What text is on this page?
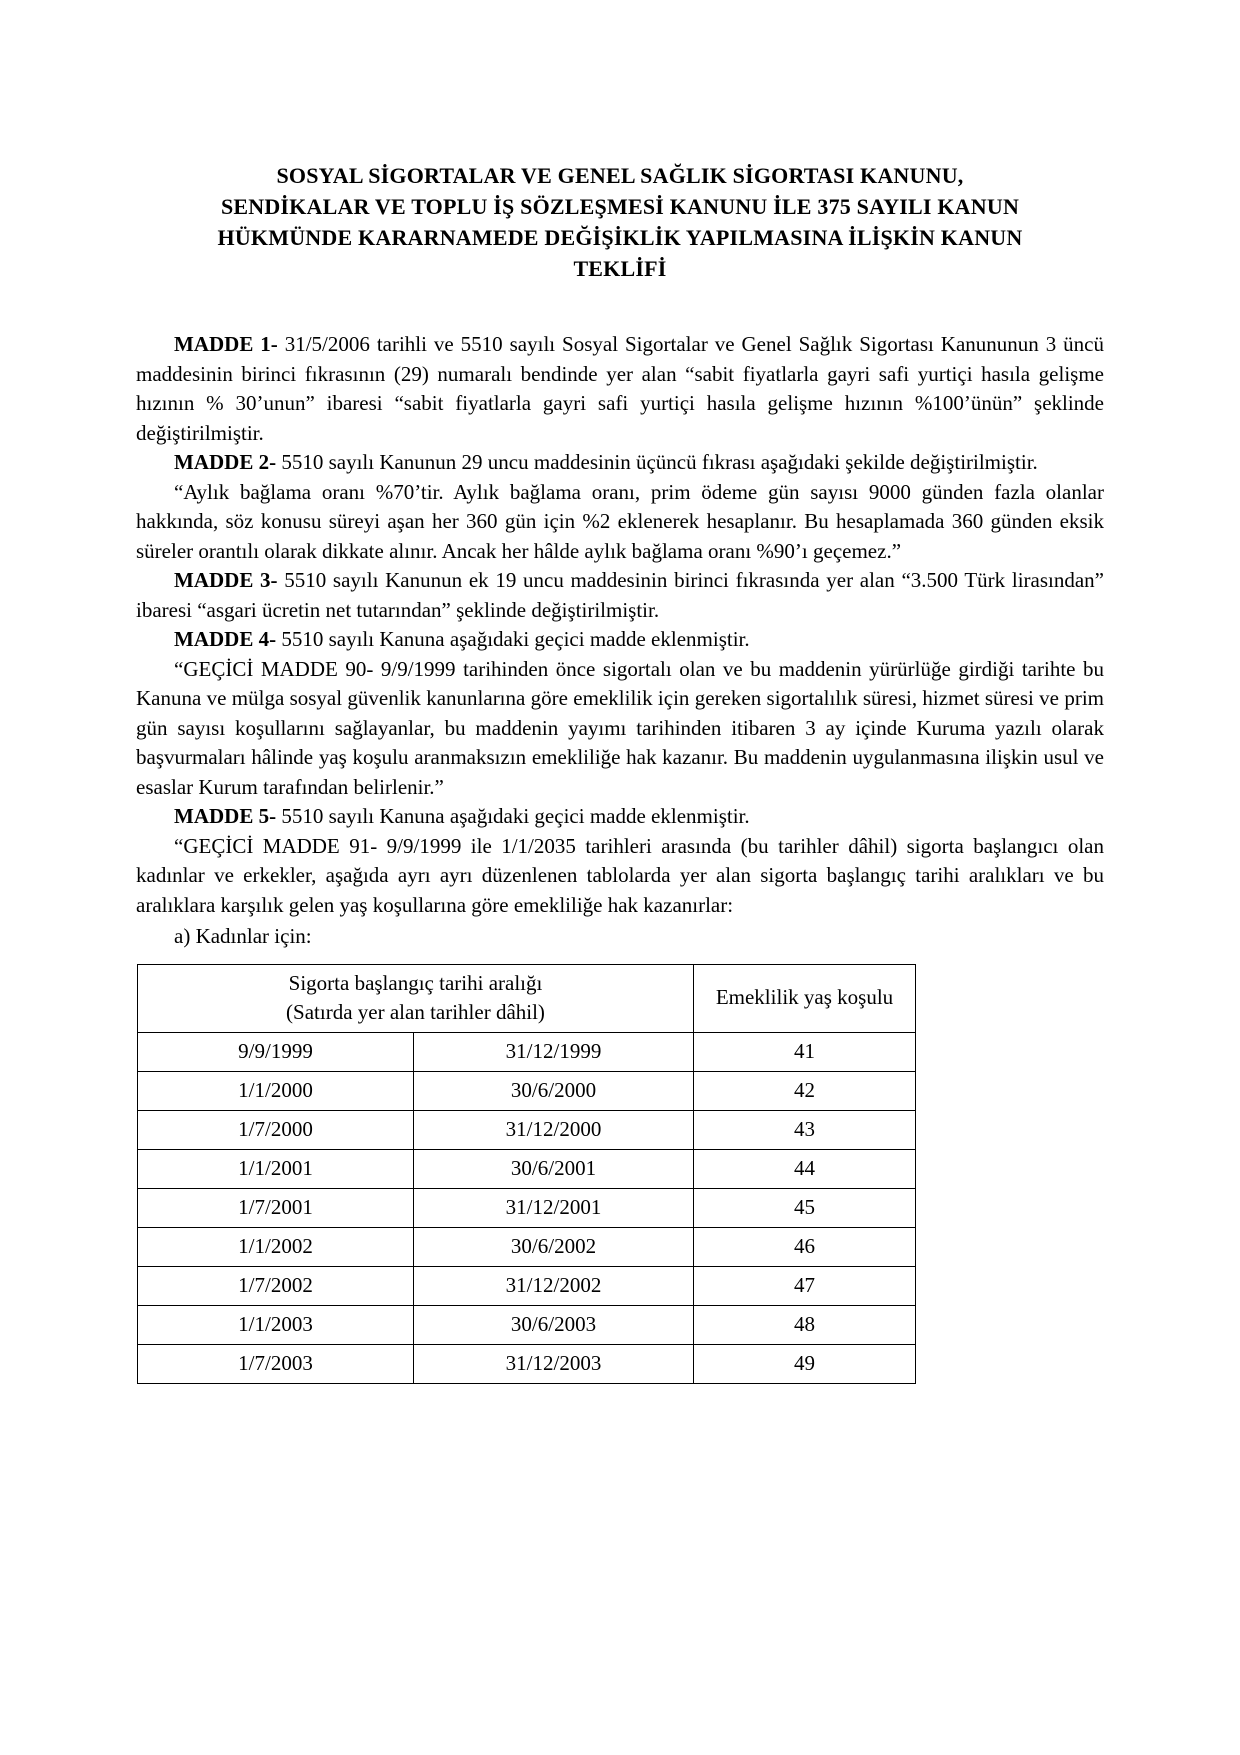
SOSYAL SİGORTALAR VE GENEL SAĞLIK SİGORTASI KANUNU,
SENDİKALAR VE TOPLU İŞ SÖZLEŞMESİ KANUNU İLE 375 SAYILI KANUN
HÜKMÜNDE KARARNAMEDE DEĞİŞİKLİK YAPILMASINA İLİŞKİN KANUN
TEKLİFİ

MADDE 1- 31/5/2006 tarihli ve 5510 sayılı Sosyal Sigortalar ve Genel Sağlık Sigortası Kanununun 3 üncü maddesinin birinci fıkrasının (29) numaralı bendinde yer alan “sabit fiyatlarla gayri safi yurtiçi hasıla gelişme hızının % 30’unun” ibaresi “sabit fiyatlarla gayri safi yurtiçi hasıla gelişme hızının %100’ünün” şeklinde değiştirilmiştir.

MADDE 2- 5510 sayılı Kanunun 29 uncu maddesinin üçüncü fıkrası aşağıdaki şekilde değiştirilmiştir.

“Aylık bağlama oranı %70’tir. Aylık bağlama oranı, prim ödeme gün sayısı 9000 günden fazla olanlar hakkında, söz konusu süreyi aşan her 360 gün için %2 eklenerek hesaplanır. Bu hesaplamada 360 günden eksik süreler orantılı olarak dikkate alınır. Ancak her hâlde aylık bağlama oranı %90’ı geçemez.”

MADDE 3- 5510 sayılı Kanunun ek 19 uncu maddesinin birinci fıkrasında yer alan “3.500 Türk lirasından” ibaresi “asgari ücretin net tutarından” şeklinde değiştirilmiştir.

MADDE 4- 5510 sayılı Kanuna aşağıdaki geçici madde eklenmiştir.

“GEÇİCİ MADDE 90- 9/9/1999 tarihinden önce sigortalı olan ve bu maddenin yürürlüğe girdiği tarihte bu Kanuna ve mülga sosyal güvenlik kanunlarına göre emeklilik için gereken sigortalılık süresi, hizmet süresi ve prim gün sayısı koşullarını sağlayanlar, bu maddenin yayımı tarihinden itibaren 3 ay içinde Kuruma yazılı olarak başvurmaları hâlinde yaş koşulu aranmaksızın emekliliğe hak kazanır. Bu maddenin uygulanmasına ilişkin usul ve esaslar Kurum tarafından belirlenir.”

MADDE 5- 5510 sayılı Kanuna aşağıdaki geçici madde eklenmiştir.

“GEÇİCİ MADDE 91- 9/9/1999 ile 1/1/2035 tarihleri arasında (bu tarihler dâhil) sigorta başlangıcı olan kadınlar ve erkekler, aşağıda ayrı ayrı düzenlenen tablolarda yer alan sigorta başlangıç tarihi aralıkları ve bu aralıklara karşılık gelen yaş koşullarına göre emekliliğe hak kazanırlar:

a) Kadınlar için:

Sigorta başlangıç tarihi aralığı
(Satırda yer alan tarihler dâhil)		Emeklilik yaş koşulu
9/9/1999	31/12/1999	41
1/1/2000	30/6/2000	42
1/7/2000	31/12/2000	43
1/1/2001	30/6/2001	44
1/7/2001	31/12/2001	45
1/1/2002	30/6/2002	46
1/7/2002	31/12/2002	47
1/1/2003	30/6/2003	48
1/7/2003	31/12/2003	49
